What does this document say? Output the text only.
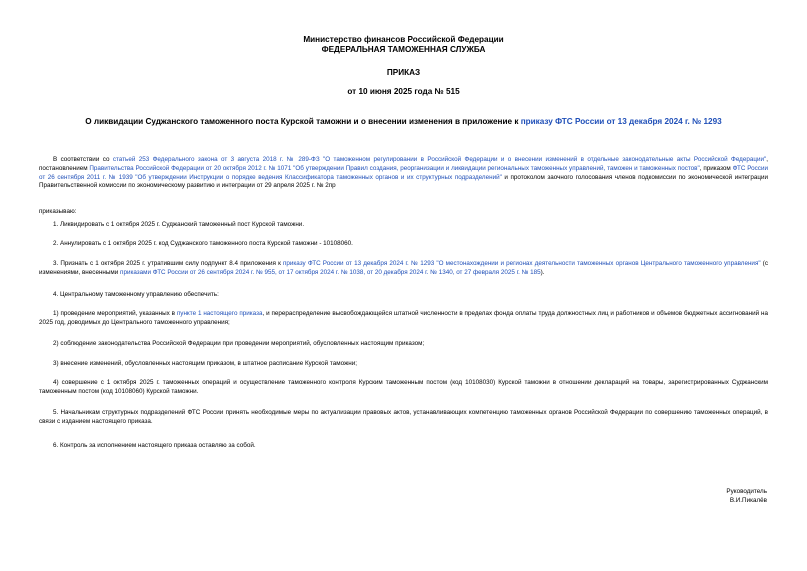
Министерство финансов Российской Федерации
ФЕДЕРАЛЬНАЯ ТАМОЖЕННАЯ СЛУЖБА
ПРИКАЗ
от 10 июня 2025 года № 515
О ликвидации Суджанского таможенного поста Курской таможни и о внесении изменения в приложение к приказу ФТС России от 13 декабря 2024 г. № 1293
В соответствии со статьей 253 Федерального закона от 3 августа 2018 г. № 289-ФЗ "О таможенном регулировании в Российской Федерации и о внесении изменений в отдельные законодательные акты Российской Федерации", постановлением Правительства Российской Федерации от 20 октября 2012 г. № 1071 "Об утверждении Правил создания, реорганизации и ликвидации региональных таможенных управлений, таможен и таможенных постов", приказом ФТС России от 26 сентября 2011 г. № 1939 "Об утверждении Инструкции о порядке ведения Классификатора таможенных органов и их структурных подразделений" и протоколом заочного голосования членов подкомиссии по экономической интеграции Правительственной комиссии по экономическому развитию и интеграции от 29 апреля 2025 г. № 2пр
приказываю:
1. Ликвидировать с 1 октября 2025 г. Суджанский таможенный пост Курской таможни.
2. Аннулировать с 1 октября 2025 г. код Суджанского таможенного поста Курской таможни - 10108060.
3. Признать с 1 октября 2025 г. утратившим силу подпункт 8.4 приложения к приказу ФТС России от 13 декабря 2024 г. № 1293 "О местонахождении и регионах деятельности таможенных органов Центрального таможенного управления" (с изменениями, внесенными приказами ФТС России от 26 сентября 2024 г. № 955, от 17 октября 2024 г. № 1038, от 20 декабря 2024 г. № 1340, от 27 февраля 2025 г. № 185).
4. Центральному таможенному управлению обеспечить:
1) проведение мероприятий, указанных в пункте 1 настоящего приказа, и перераспределение высвобождающейся штатной численности в пределах фонда оплаты труда должностных лиц и работников и объемов бюджетных ассигнований на 2025 год, доводимых до Центрального таможенного управления;
2) соблюдение законодательства Российской Федерации при проведении мероприятий, обусловленных настоящим приказом;
3) внесение изменений, обусловленных настоящим приказом, в штатное расписание Курской таможни;
4) совершение с 1 октября 2025 г. таможенных операций и осуществление таможенного контроля Курским таможенным постом (код 10108030) Курской таможни в отношении деклараций на товары, зарегистрированных Суджанским таможенным постом (код 10108060) Курской таможни.
5. Начальникам структурных подразделений ФТС России принять необходимые меры по актуализации правовых актов, устанавливающих компетенцию таможенных органов Российской Федерации по совершению таможенных операций, в связи с изданием настоящего приказа.
6. Контроль за исполнением настоящего приказа оставляю за собой.
Руководитель
В.И.Пикалёв
